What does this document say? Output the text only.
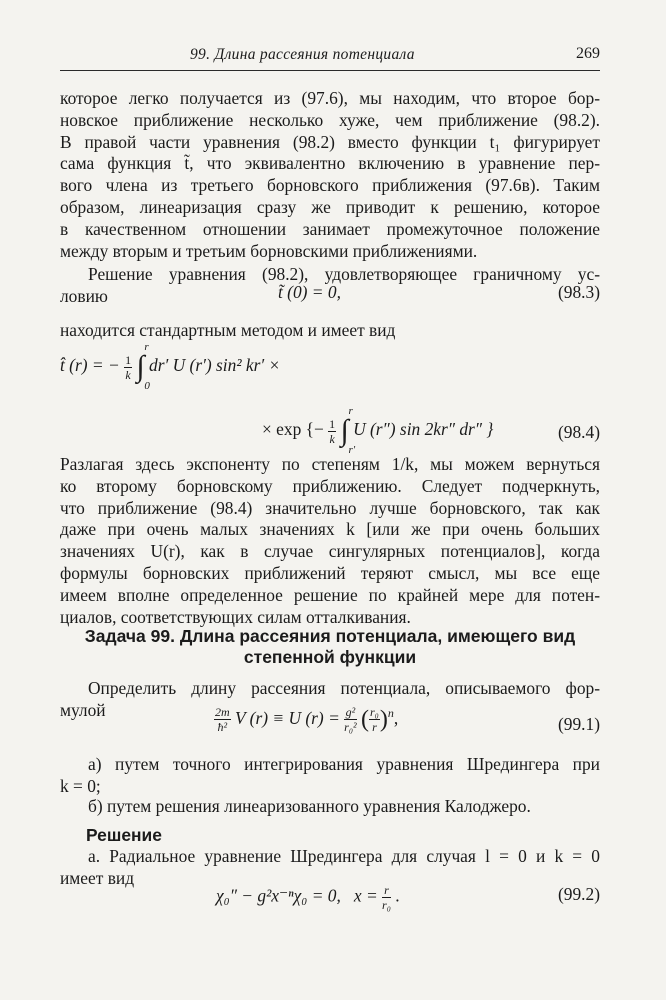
99. Длина рассеяния потенциала	269
которое легко получается из (97.6), мы находим, что второе бор-
новское приближение несколько хуже, чем приближение (98.2).
В правой части уравнения (98.2) вместо функции t₁ фигурирует
сама функция t̃, что эквивалентно включению в уравнение пер-
вого члена из третьего борновского приближения (97.6в). Таким
образом, линеаризация сразу же приводит к решению, которое
в качественном отношении занимает промежуточное положение
между вторым и третьим борновскими приближениями.
Решение уравнения (98.2), удовлетворяющее граничному ус-
ловию	t̃ (0) = 0,	(98.3)
находится стандартным методом и имеет вид
t̂ (r) = − $\frac{1}{k}$ ∫
r
0
dr′ U (r′) sin² kr′ ×
× exp {− $\frac{1}{k}$ ∫
r
r′
U (r″) sin 2kr″ dr″ }	(98.4)
Разлагая здесь экспоненту по степеням 1/k, мы можем вернуться
ко второму борновскому приближению. Следует подчеркнуть,
что приближение (98.4) значительно лучше борновского, так как
даже при очень малых значениях k [или же при очень больших
значениях U(r), как в случае сингулярных потенциалов], когда
формулы борновских приближений теряют смысл, мы все еще
имеем вполне определенное решение по крайней мере для потен-
циалов, соответствующих силам отталкивания.
Задача 99. Длина рассеяния потенциала, имеющего вид
степенной функции
Определить длину рассеяния потенциала, описываемого фор-
мулой	$\frac{2m}{\text{ħ²}}$ V (r) ≡ U $(r) = \frac{\text{g²}}{\text{r₀²}}$ ( $\frac{\text{r₀}}{r} )^n$,	(99.1)
а) путем точного интегрирования уравнения Шредингера при
k = 0;
б) путем решения линеаризованного уравнения Калоджеро.
Решение
а. Радиальное уравнение Шредингера для случая l = 0 и k = 0
имеет вид
χ₀″ − g²x⁻ⁿχ₀ = 0, $x = \frac{r}{\text{r₀}}$ .	(99.2)
